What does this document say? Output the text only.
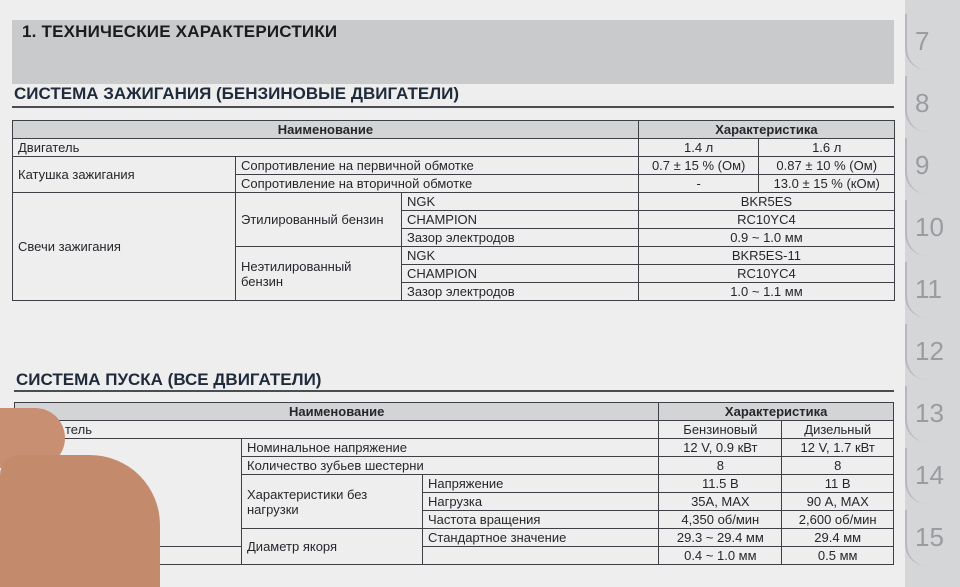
1. ТЕХНИЧЕСКИЕ ХАРАКТЕРИСТИКИ
СИСТЕМА ЗАЖИГАНИЯ (БЕНЗИНОВЫЕ ДВИГАТЕЛИ)
Наименование			Характеристика	
Двигатель			1.4 л	1.6 л
Катушка зажигания	Сопротивление на первичной обмотке		0.7 ± 15 % (Ом)	0.87 ± 10 % (Ом)
	Сопротивление на вторичной обмотке		-	13.0 ± 15 % (кОм)
Свечи зажигания	Этилированный бензин	NGK	BKR5ES	
		CHAMPION	RC10YC4	
		Зазор электродов	0.9 ~ 1.0 мм	
	Неэтилированный бензин	NGK	BKR5ES-11	
		CHAMPION	RC10YC4	
		Зазор электродов	1.0 ~ 1.1 мм	
СИСТЕМА ПУСКА (ВСЕ ДВИГАТЕЛИ)
Наименование			Характеристика	
тель			Бензиновый	Дизельный
	Номинальное напряжение		12 V, 0.9 кВт	12 V, 1.7 кВт
	Количество зубьев шестерни		8	8
	Характеристики без нагрузки	Напряжение	11.5 В	11 В
		Нагрузка	35А, MAX	90 А, MAX
		Частота вращения	4,350 об/мин	2,600 об/мин
	Диаметр якоря	Стандартное значение	29.3 ~ 29.4 мм	29.4 мм
			0.4 ~ 1.0 мм	0.5 мм
7
8
9
10
11
12
13
14
15
